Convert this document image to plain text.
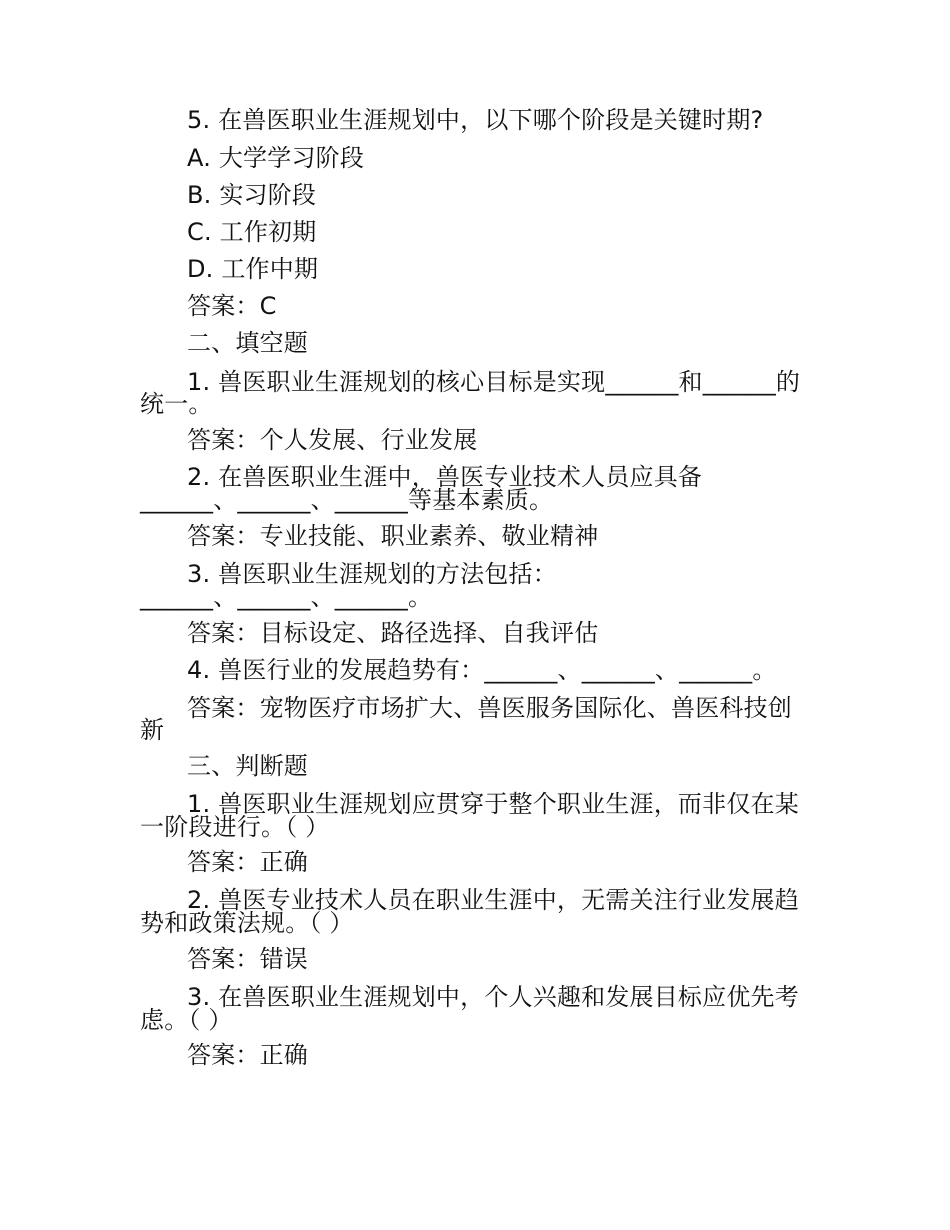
5. 在兽医职业生涯规划中，以下哪个阶段是关键时期?
A. 大学学习阶段
B. 实习阶段
C. 工作初期
D. 工作中期
答案：C
二、填空题
1. 兽医职业生涯规划的核心目标是实现______和______的
统一。
答案：个人发展、行业发展
2. 在兽医职业生涯中，兽医专业技术人员应具备
______、______、______等基本素质。
答案：专业技能、职业素养、敬业精神
3. 兽医职业生涯规划的方法包括：
______、______、______。
答案：目标设定、路径选择、自我评估
4. 兽医行业的发展趋势有：______、______、______。
答案：宠物医疗市场扩大、兽医服务国际化、兽医科技创
新
三、判断题
1. 兽医职业生涯规划应贯穿于整个职业生涯，而非仅在某
一阶段进行。（ ）
答案：正确
2. 兽医专业技术人员在职业生涯中，无需关注行业发展趋
势和政策法规。（ ）
答案：错误
3. 在兽医职业生涯规划中，个人兴趣和发展目标应优先考
虑。（ ）
答案：正确
